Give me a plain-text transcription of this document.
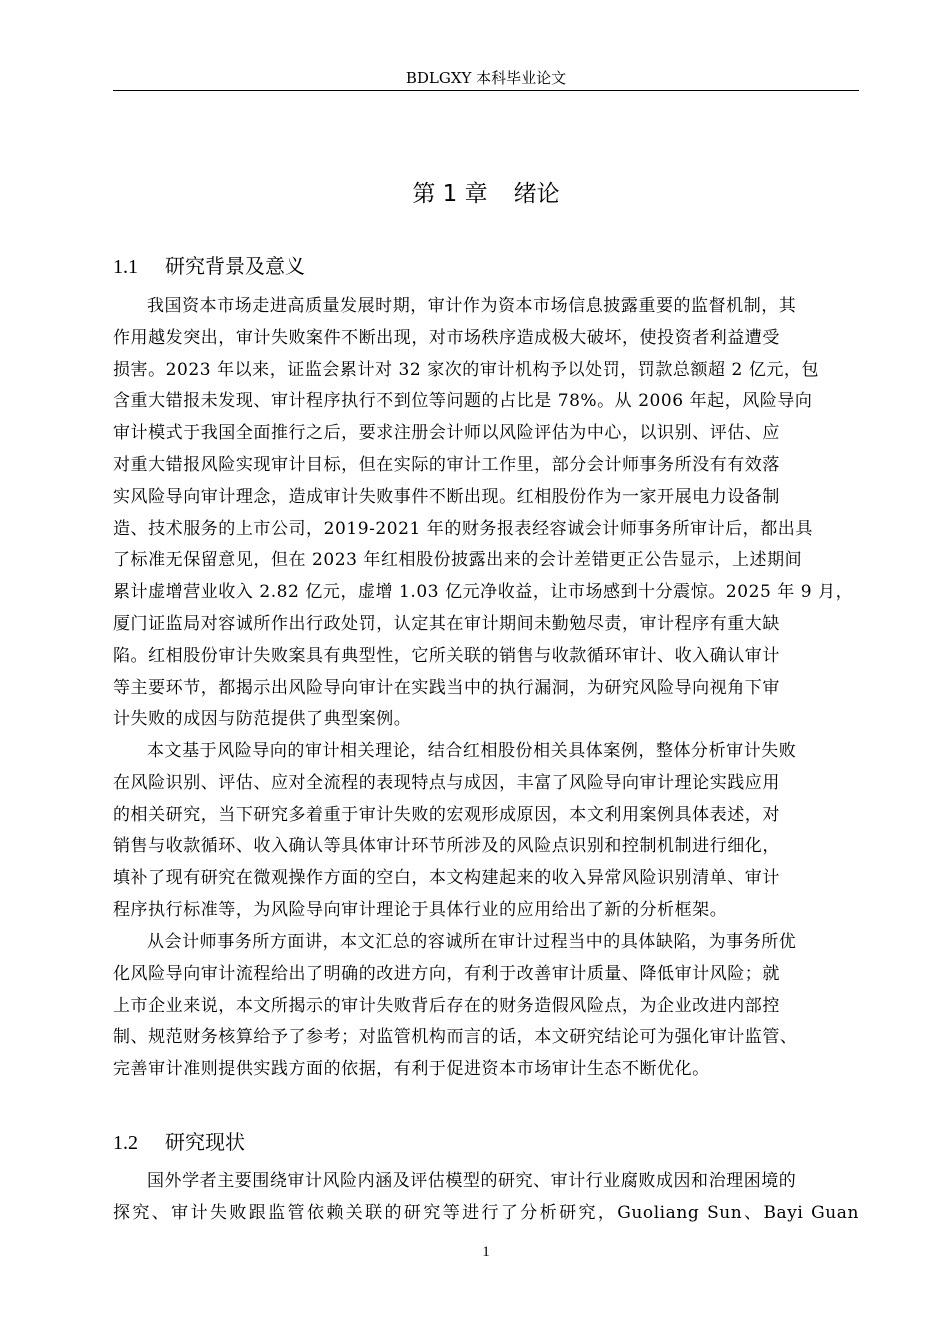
BDLGXY 本科毕业论文
第 1 章 绪论
1.1 研究背景及意义
我国资本市场走进高质量发展时期，审计作为资本市场信息披露重要的监督机制，其
作用越发突出，审计失败案件不断出现，对市场秩序造成极大破坏，使投资者利益遭受
损害。2023 年以来，证监会累计对 32 家次的审计机构予以处罚，罚款总额超 2 亿元，包
含重大错报未发现、审计程序执行不到位等问题的占比是 78%。从 2006 年起，风险导向
审计模式于我国全面推行之后，要求注册会计师以风险评估为中心，以识别、评估、应
对重大错报风险实现审计目标，但在实际的审计工作里，部分会计师事务所没有有效落
实风险导向审计理念，造成审计失败事件不断出现。红相股份作为一家开展电力设备制
造、技术服务的上市公司，2019-2021 年的财务报表经容诚会计师事务所审计后，都出具
了标准无保留意见，但在 2023 年红相股份披露出来的会计差错更正公告显示，上述期间
累计虚增营业收入 2.82 亿元，虚增 1.03 亿元净收益，让市场感到十分震惊。2025 年 9 月，
厦门证监局对容诚所作出行政处罚，认定其在审计期间未勤勉尽责，审计程序有重大缺
陷。红相股份审计失败案具有典型性，它所关联的销售与收款循环审计、收入确认审计
等主要环节，都揭示出风险导向审计在实践当中的执行漏洞，为研究风险导向视角下审
计失败的成因与防范提供了典型案例。
本文基于风险导向的审计相关理论，结合红相股份相关具体案例，整体分析审计失败
在风险识别、评估、应对全流程的表现特点与成因，丰富了风险导向审计理论实践应用
的相关研究，当下研究多着重于审计失败的宏观形成原因，本文利用案例具体表述，对
销售与收款循环、收入确认等具体审计环节所涉及的风险点识别和控制机制进行细化，
填补了现有研究在微观操作方面的空白，本文构建起来的收入异常风险识别清单、审计
程序执行标准等，为风险导向审计理论于具体行业的应用给出了新的分析框架。
从会计师事务所方面讲，本文汇总的容诚所在审计过程当中的具体缺陷，为事务所优
化风险导向审计流程给出了明确的改进方向，有利于改善审计质量、降低审计风险；就
上市企业来说，本文所揭示的审计失败背后存在的财务造假风险点，为企业改进内部控
制、规范财务核算给予了参考；对监管机构而言的话，本文研究结论可为强化审计监管、
完善审计准则提供实践方面的依据，有利于促进资本市场审计生态不断优化。
1.2 研究现状
国外学者主要围绕审计风险内涵及评估模型的研究、审计行业腐败成因和治理困境的
探究、审计失败跟监管依赖关联的研究等进行了分析研究，Guoliang Sun、Bayi Guan
1
